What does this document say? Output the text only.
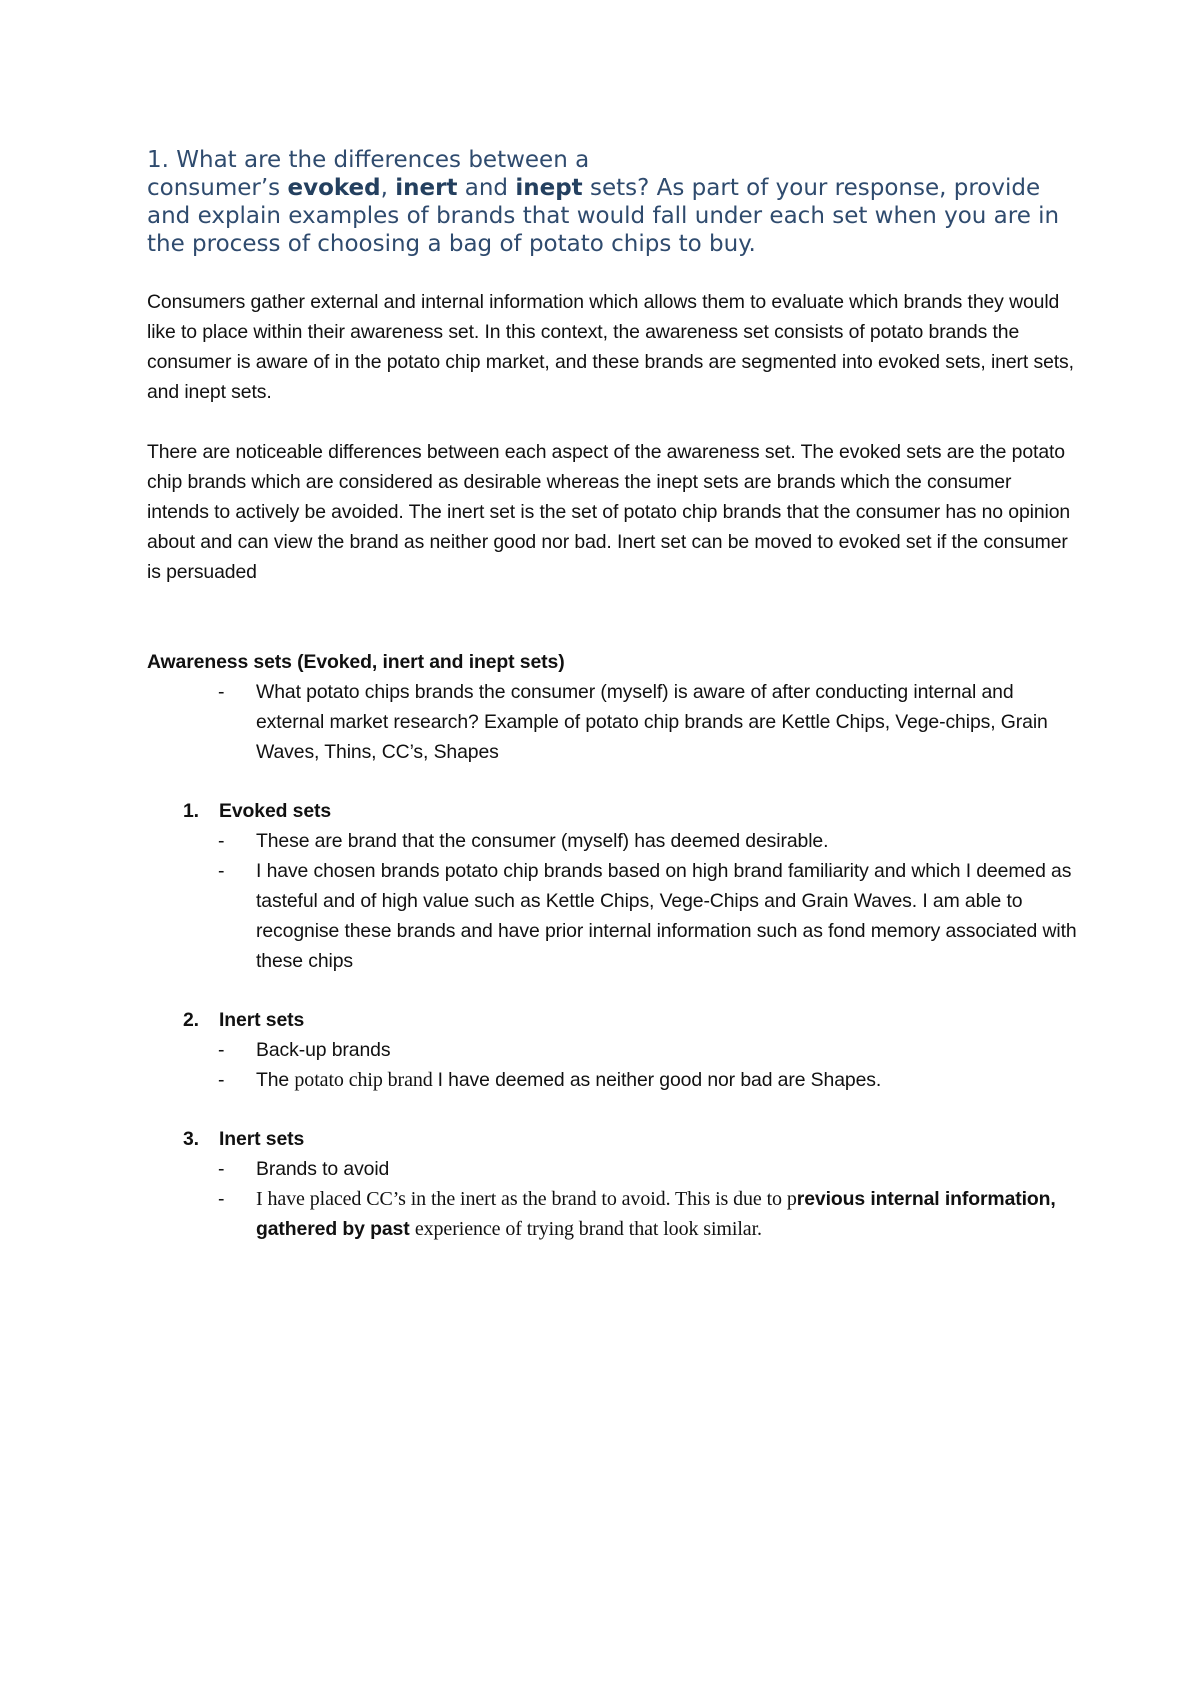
1. What are the differences between a
consumer’s evoked, inert and inept sets? As part of your response, provide and explain examples of brands that would fall under each set when you are in the process of choosing a bag of potato chips to buy.

Consumers gather external and internal information which allows them to evaluate which brands they would like to place within their awareness set. In this context, the awareness set consists of potato brands the consumer is aware of in the potato chip market, and these brands are segmented into evoked sets, inert sets, and inept sets.

There are noticeable differences between each aspect of the awareness set. The evoked sets are the potato chip brands which are considered as desirable whereas the inept sets are brands which the consumer intends to actively be avoided. The inert set is the set of potato chip brands that the consumer has no opinion about and can view the brand as neither good nor bad. Inert set can be moved to evoked set if the consumer is persuaded

Awareness sets (Evoked, inert and inept sets)

- What potato chips brands the consumer (myself) is aware of after conducting internal and external market research? Example of potato chip brands are Kettle Chips, Vege-chips, Grain Waves, Thins, CC’s, Shapes

1. Evoked sets

- These are brand that the consumer (myself) has deemed desirable.
- I have chosen brands potato chip brands based on high brand familiarity and which I deemed as tasteful and of high value such as Kettle Chips, Vege-Chips and Grain Waves. I am able to recognise these brands and have prior internal information such as fond memory associated with these chips

2. Inert sets

- Back-up brands
- The potato chip brand I have deemed as neither good nor bad are Shapes.

3. Inert sets

- Brands to avoid
- I have placed CC’s in the inert as the brand to avoid. This is due to previous internal information, gathered by past experience of trying brand that look similar.
